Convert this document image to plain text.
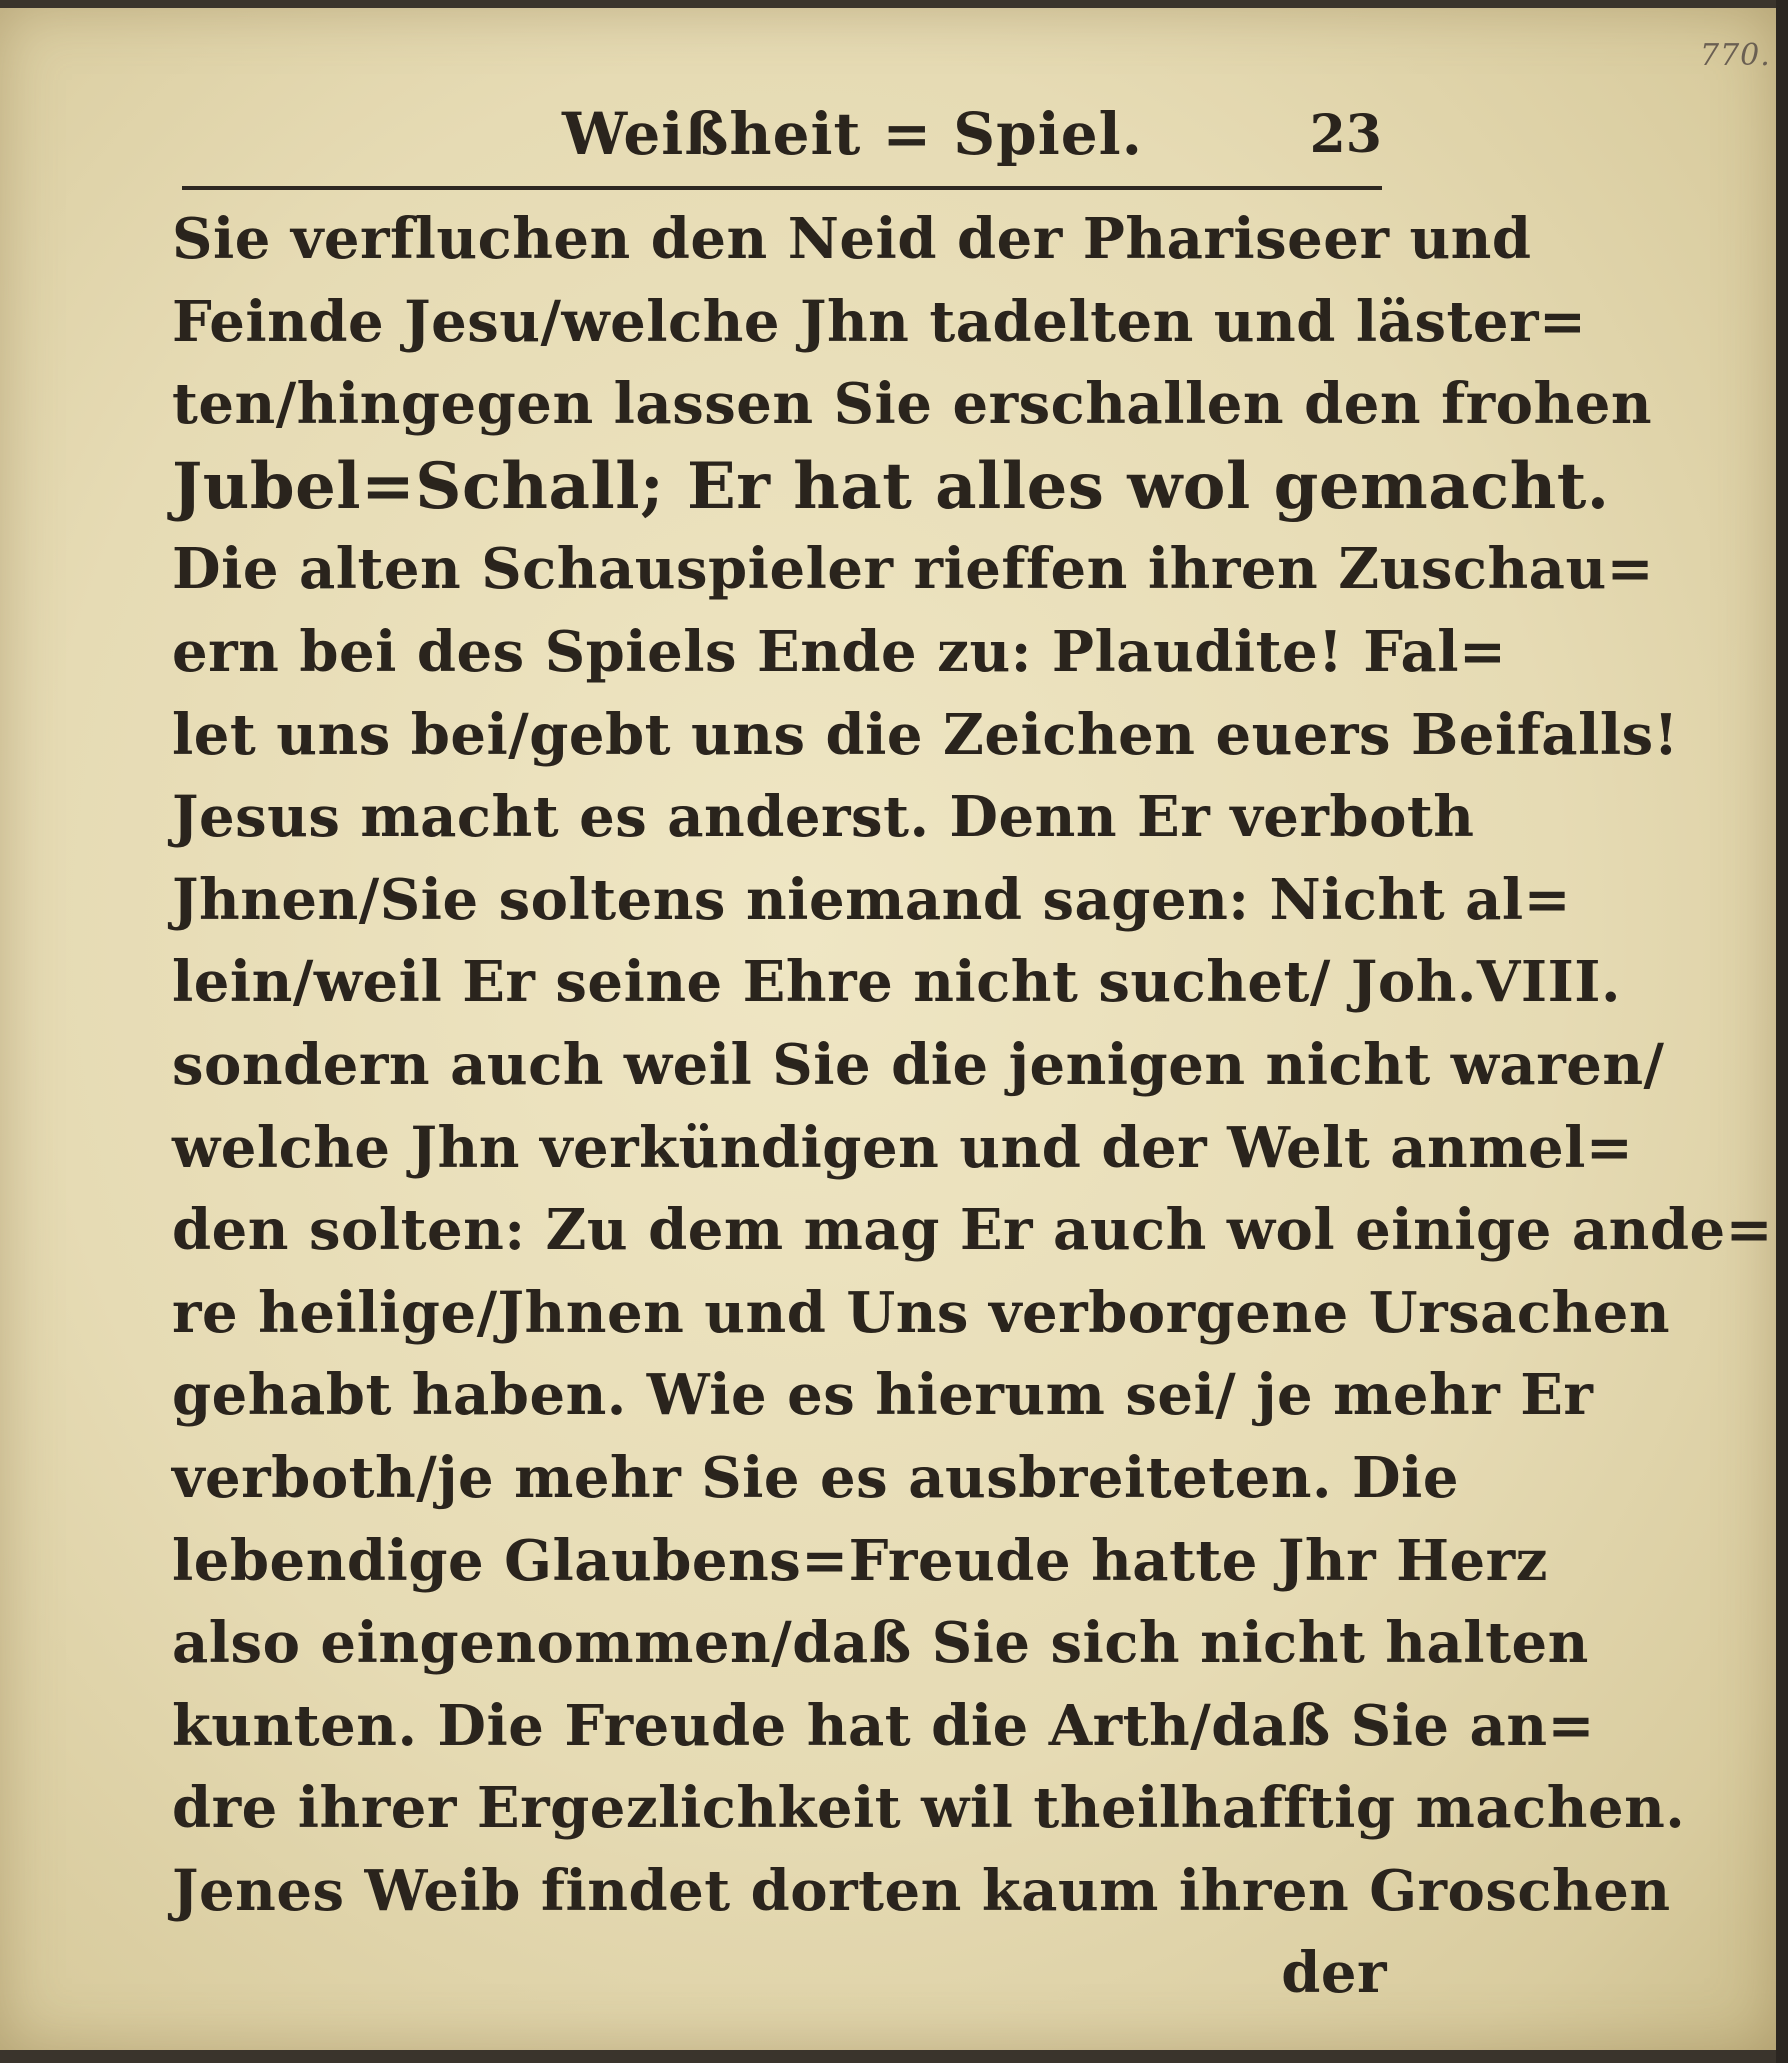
770.
Weißheit = Spiel.	23
Sie verfluchen den Neid der Phariseer und
Feinde Jesu/welche Jhn tadelten und läster=
ten/hingegen lassen Sie erschallen den frohen
Jubel=Schall; Er hat alles wol gemacht.
Die alten Schauspieler rieffen ihren Zuschau=
ern bei des Spiels Ende zu: Plaudite! Fal=
let uns bei/gebt uns die Zeichen euers Beifalls!
Jesus macht es anderst. Denn Er verboth
Jhnen/Sie soltens niemand sagen: Nicht al=
lein/weil Er seine Ehre nicht suchet/ Joh.VIII.
sondern auch weil Sie die jenigen nicht waren/
welche Jhn verkündigen und der Welt anmel=
den solten: Zu dem mag Er auch wol einige ande=
re heilige/Jhnen und Uns verborgene Ursachen
gehabt haben. Wie es hierum sei/ je mehr Er
verboth/je mehr Sie es ausbreiteten. Die
lebendige Glaubens=Freude hatte Jhr Herz
also eingenommen/daß Sie sich nicht halten
kunten. Die Freude hat die Arth/daß Sie an=
dre ihrer Ergezlichkeit wil theilhafftig machen.
Jenes Weib findet dorten kaum ihren Groschen
der
